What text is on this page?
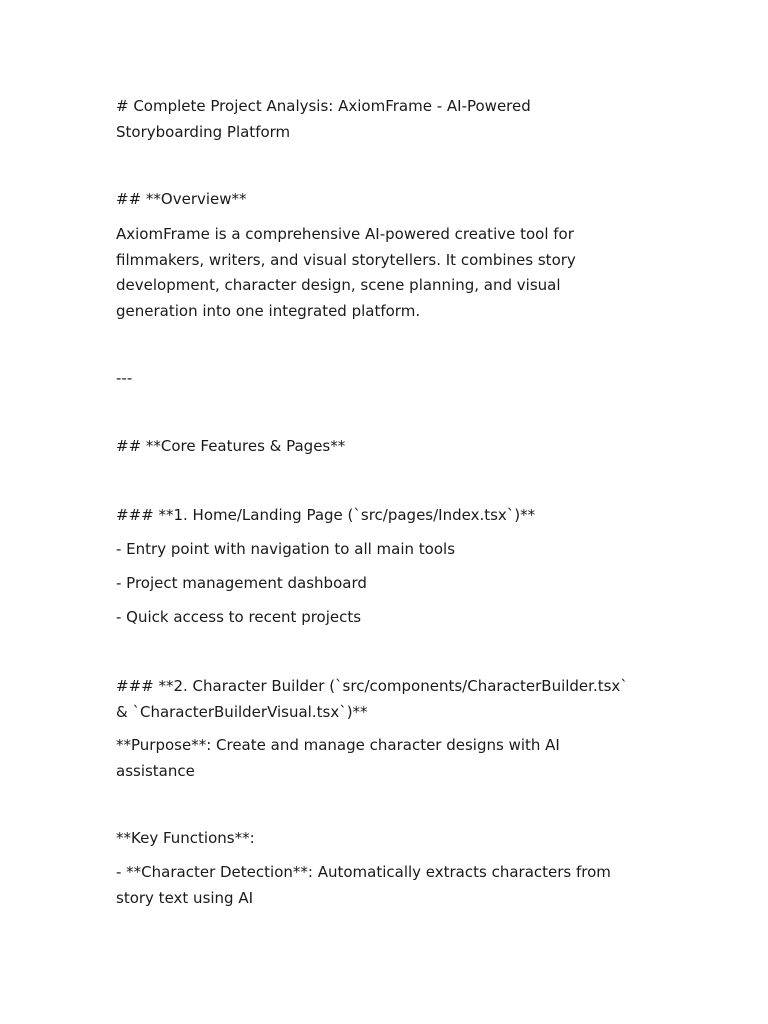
# Complete Project Analysis: AxiomFrame - AI-Powered
Storyboarding Platform

## **Overview**

AxiomFrame is a comprehensive AI-powered creative tool for
filmmakers, writers, and visual storytellers. It combines story
development, character design, scene planning, and visual
generation into one integrated platform.

---

## **Core Features & Pages**

### **1. Home/Landing Page (`src/pages/Index.tsx`)**

- Entry point with navigation to all main tools

- Project management dashboard

- Quick access to recent projects

### **2. Character Builder (`src/components/CharacterBuilder.tsx`
& `CharacterBuilderVisual.tsx`)**

**Purpose**: Create and manage character designs with AI
assistance

**Key Functions**:

- **Character Detection**: Automatically extracts characters from
story text using AI
